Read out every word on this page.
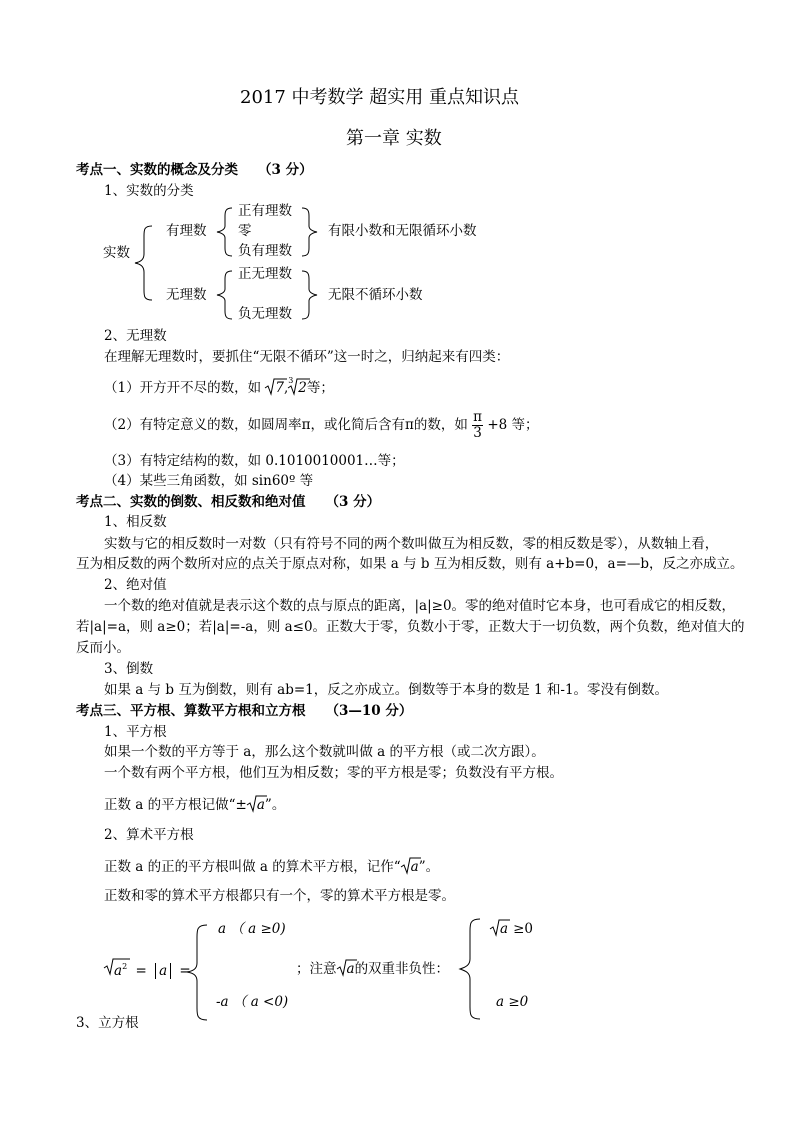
2017 中考数学 超实用 重点知识点
第一章 实数
考点一、实数的概念及分类 （3 分）
1、实数的分类
实数
有理数
正有理数
零
负有理数
有限小数和无限循环小数
无理数
正无理数
负无理数
无限不循环小数
2、无理数
在理解无理数时，要抓住“无限不循环”这一时之，归纳起来有四类：
（1）开方开不尽的数，如 7, 3 2等；
（2）有特定意义的数，如圆周率π，或化简后含有π的数，如 $\frac{\pi}{3} +8$ 等；
（3）有特定结构的数，如 0.1010010001…等；
（4）某些三角函数，如 sin60º 等
考点二、实数的倒数、相反数和绝对值 （3 分）
1、相反数
实数与它的相反数时一对数（只有符号不同的两个数叫做互为相反数，零的相反数是零），从数轴上看，
互为相反数的两个数所对应的点关于原点对称，如果 a 与 b 互为相反数，则有 a+b=0，a=—b，反之亦成立。
2、绝对值
一个数的绝对值就是表示这个数的点与原点的距离，|a|≥0。零的绝对值时它本身，也可看成它的相反数，
若|a|=a，则 a≥0；若|a|=-a，则 a≤0。正数大于零，负数小于零，正数大于一切负数，两个负数，绝对值大的
反而小。
3、倒数
如果 a 与 b 互为倒数，则有 ab=1，反之亦成立。倒数等于本身的数是 1 和-1。零没有倒数。
考点三、平方根、算数平方根和立方根 （3—10 分）
1、平方根
如果一个数的平方等于 a，那么这个数就叫做 a 的平方根（或二次方跟）。
一个数有两个平方根，他们互为相反数；零的平方根是零；负数没有平方根。
正数 a 的平方根记做“± a”。
2、算术平方根
正数 a 的正的平方根叫做 a 的算术平方根，记作“ a”。
正数和零的算术平方根都只有一个，零的算术平方根是零。
$a^2 = a$ =
a （ a ≥0)
-a （ a <0)
；注意 a的双重非负性：
a ≥0
a ≥0
3、立方根
